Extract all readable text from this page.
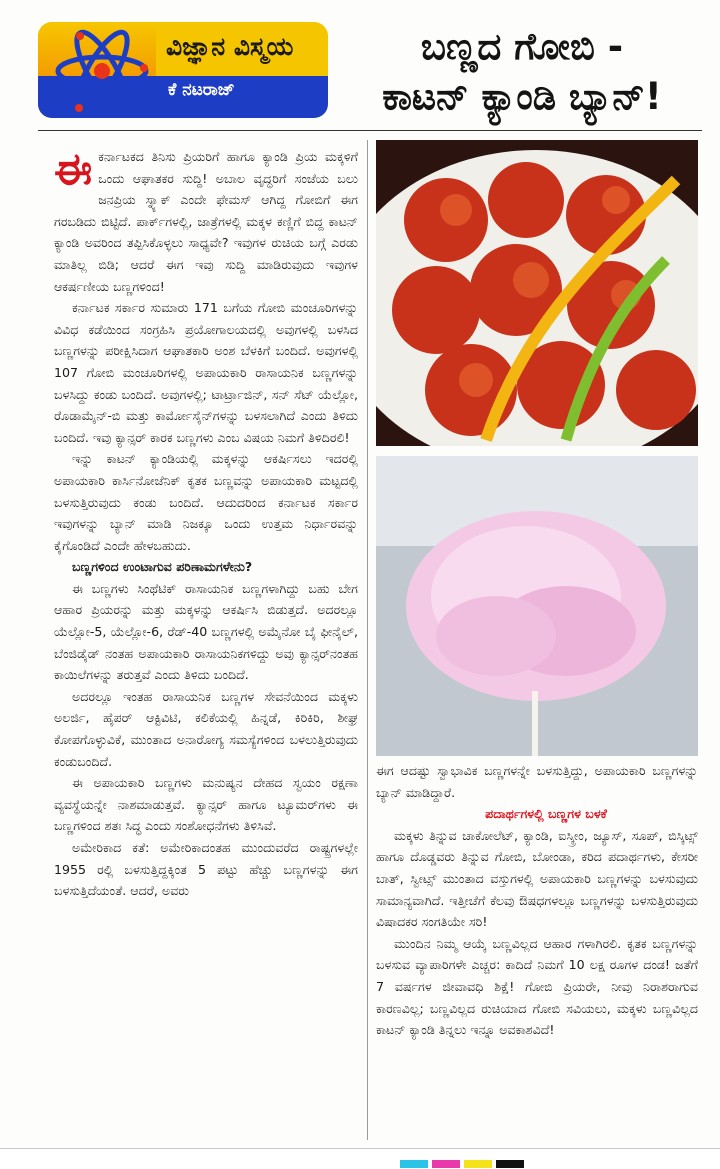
ವಿಜ್ಞಾನ ವಿಸ್ಮಯ
ಕೆ ನಟರಾಜ್
ಬಣ್ಣದ ಗೋಬಿ -
ಕಾಟನ್ ಕ್ಯಾಂಡಿ ಬ್ಯಾನ್!

ಈಕರ್ನಾಟಕದ ತಿನಿಸು ಪ್ರಿಯರಿಗೆ ಹಾಗೂ ಕ್ಯಾಂಡಿ ಪ್ರಿಯ ಮಕ್ಕಳಿಗೆ ಒಂದು ಆಘಾತಕರ ಸುದ್ದಿ! ಅಬಾಲ ವೃದ್ಧರಿಗೆ ಸಂಜೆಯ ಬಲು ಜನಪ್ರಿಯ ಸ್ನ್ಯಾಕ್ ಎಂದೇ ಫೇಮಸ್ ಆಗಿದ್ದ ಗೋಬಿಗೆ ಈಗ ಗರಬಡಿದು ಬಿಟ್ಟಿದೆ. ಪಾರ್ಕ್‌ಗಳಲ್ಲಿ, ಜಾತ್ರೆಗಳಲ್ಲಿ ಮಕ್ಕಳ ಕಣ್ಣಿಗೆ ಬಿದ್ದ ಕಾಟನ್ ಕ್ಯಾಂಡಿ ಅವರಿಂದ ತಪ್ಪಿಸಿಕೊಳ್ಳಲು ಸಾಧ್ಯವೇ? ಇವುಗಳ ರುಚಿಯ ಬಗ್ಗೆ ಎರಡು ಮಾತಿಲ್ಲ ಬಿಡಿ; ಆದರೆ ಈಗ ಇವು ಸುದ್ದಿ ಮಾಡಿರುವುದು ಇವುಗಳ ಆಕರ್ಷಣೀಯ ಬಣ್ಣಗಳಿಂದ!

ಕರ್ನಾಟಕ ಸರ್ಕಾರ ಸುಮಾರು 171 ಬಗೆಯ ಗೋಬಿ ಮಂಚೂರಿಗಳನ್ನು ವಿವಿಧ ಕಡೆಯಿಂದ ಸಂಗ್ರಹಿಸಿ ಪ್ರಯೋಗಾಲಯದಲ್ಲಿ ಅವುಗಳಲ್ಲಿ ಬಳಸಿದ ಬಣ್ಣಗಳನ್ನು ಪರೀಕ್ಷಿಸಿದಾಗ ಆಘಾತಕಾರಿ ಅಂಶ ಬೆಳಕಿಗೆ ಬಂದಿದೆ. ಅವುಗಳಲ್ಲಿ 107 ಗೋಬಿ ಮಂಚೂರಿಗಳಲ್ಲಿ ಅಪಾಯಕಾರಿ ರಾಸಾಯನಿಕ ಬಣ್ಣಗಳನ್ನು ಬಳಸಿದ್ದು ಕಂಡು ಬಂದಿದೆ. ಅವುಗಳಲ್ಲಿ; ಟಾರ್ಟ್ರಾಜಿನ್, ಸನ್ ಸೆಟ್ ಯೆಲ್ಲೋ, ರೊಡಾಮೈನ್-ಬಿ ಮತ್ತು ಕಾರ್ಮೋಸೈನ್‌ಗಳನ್ನು ಬಳಸಲಾಗಿದೆ ಎಂದು ತಿಳಿದು ಬಂದಿದೆ. ಇವು ಕ್ಯಾನ್ಸರ್ ಕಾರಕ ಬಣ್ಣಗಳು ಎಂಬ ವಿಷಯ ನಿಮಗೆ ತಿಳಿದಿರಲಿ!

ಇನ್ನು ಕಾಟನ್ ಕ್ಯಾಂಡಿಯಲ್ಲಿ ಮಕ್ಕಳನ್ನು ಆಕರ್ಷಿಸಲು ಇದರಲ್ಲಿ ಅಪಾಯಕಾರಿ ಕಾರ್ಸಿನೋಜೆನಿಕ್ ಕೃತಕ ಬಣ್ಣವನ್ನು ಅಪಾಯಕಾರಿ ಮಟ್ಟದಲ್ಲಿ ಬಳಸುತ್ತಿರುವುದು ಕಂಡು ಬಂದಿದೆ. ಆದುದರಿಂದ ಕರ್ನಾಟಕ ಸರ್ಕಾರ ಇವುಗಳನ್ನು ಬ್ಯಾನ್ ಮಾಡಿ ನಿಜಕ್ಕೂ ಒಂದು ಉತ್ತಮ ನಿರ್ಧಾರವನ್ನು ಕೈಗೊಂಡಿದೆ ಎಂದೇ ಹೇಳಬಹುದು.

ಬಣ್ಣಗಳಿಂದ ಉಂಟಾಗುವ ಪರಿಣಾಮಗಳೇನು?

ಈ ಬಣ್ಣಗಳು ಸಿಂಥೆಟಿಕ್ ರಾಸಾಯನಿಕ ಬಣ್ಣಗಳಾಗಿದ್ದು ಬಹು ಬೇಗ ಆಹಾರ ಪ್ರಿಯರನ್ನು ಮತ್ತು ಮಕ್ಕಳನ್ನು ಆಕರ್ಷಿಸಿ ಬಿಡುತ್ತದೆ. ಅದರಲ್ಲೂ ಯೆಲ್ಲೋ-5, ಯೆಲ್ಲೋ-6, ರೆಡ್-40 ಬಣ್ಣಗಳಲ್ಲಿ ಅಮೈನೋ ಬೈ ಫೀನೈಲ್, ಬೆಂಜಿಡೈಡ್ ನಂತಹ ಅಪಾಯಕಾರಿ ರಾಸಾಯನಿಕಗಳಿದ್ದು ಅವು ಕ್ಯಾನ್ಸರ್‌ನಂತಹ ಕಾಯಿಲೆಗಳನ್ನು ತರುತ್ತವೆ ಎಂದು ತಿಳಿದು ಬಂದಿದೆ.

ಅದರಲ್ಲೂ ಇಂತಹ ರಾಸಾಯನಿಕ ಬಣ್ಣಗಳ ಸೇವನೆಯಿಂದ ಮಕ್ಕಳು ಅಲರ್ಜಿ, ಹೈಪರ್ ಆಕ್ಟಿವಿಟಿ, ಕಲಿಕೆಯಲ್ಲಿ ಹಿನ್ನಡೆ, ಕಿರಿಕಿರಿ, ಶೀಘ್ರ ಕೋಪಗೊಳ್ಳುವಿಕೆ, ಮುಂತಾದ ಅನಾರೋಗ್ಯ ಸಮಸ್ಯೆಗಳಿಂದ ಬಳಲುತ್ತಿರುವುದು ಕಂಡುಬಂದಿದೆ.

ಈ ಅಪಾಯಕಾರಿ ಬಣ್ಣಗಳು ಮನುಷ್ಯನ ದೇಹದ ಸ್ವಯಂ ರಕ್ಷಣಾ ವ್ಯವಸ್ಥೆಯನ್ನೇ ನಾಶಮಾಡುತ್ತವೆ. ಕ್ಯಾನ್ಸರ್ ಹಾಗೂ ಟ್ಯೂಮರ್‌ಗಳು ಈ ಬಣ್ಣಗಳಿಂದ ಶತಃ ಸಿದ್ಧ ಎಂದು ಸಂಶೋಧನೆಗಳು ತಿಳಿಸಿವೆ.

ಅಮೇರಿಕಾದ ಕತೆ: ಅಮೇರಿಕಾದಂತಹ ಮುಂದುವರೆದ ರಾಷ್ಟ್ರಗಳಲ್ಲೇ 1955 ರಲ್ಲಿ ಬಳಸುತ್ತಿದ್ದಕ್ಕಿಂತ 5 ಪಟ್ಟು ಹೆಚ್ಚು ಬಣ್ಣಗಳನ್ನು ಈಗ ಬಳಸುತ್ತಿದೆಯಂತೆ. ಆದರೆ, ಅವರು

ಈಗ ಆದಷ್ಟು ಸ್ವಾಭಾವಿಕ ಬಣ್ಣಗಳನ್ನೇ ಬಳಸುತ್ತಿದ್ದು, ಅಪಾಯಕಾರಿ ಬಣ್ಣಗಳನ್ನು ಬ್ಯಾನ್ ಮಾಡಿದ್ದಾರೆ.

ಪದಾರ್ಥಗಳಲ್ಲಿ ಬಣ್ಣಗಳ ಬಳಕೆ

ಮಕ್ಕಳು ತಿನ್ನುವ ಚಾಕೋಲೆಟ್, ಕ್ಯಾಂಡಿ, ಐಸ್ಕ್ರೀಂ, ಜ್ಯೂಸ್, ಸೂಪ್, ಬಿಸ್ಕಿಟ್ಸ್ ಹಾಗೂ ದೊಡ್ಡವರು ತಿನ್ನುವ ಗೋಬಿ, ಬೋಂಡಾ, ಕರಿದ ಪದಾರ್ಥಗಳು, ಕೇಸರೀ ಬಾತ್, ಸ್ವೀಟ್ಸ್ ಮುಂತಾದ ವಸ್ತುಗಳಲ್ಲಿ ಅಪಾಯಕಾರಿ ಬಣ್ಣಗಳನ್ನು ಬಳಸುವುದು ಸಾಮಾನ್ಯವಾಗಿದೆ. ಇತ್ತೀಚೆಗೆ ಕೆಲವು ಔಷಧಗಳಲ್ಲೂ ಬಣ್ಣಗಳನ್ನು ಬಳಸುತ್ತಿರುವುದು ವಿಷಾದಕರ ಸಂಗತಿಯೇ ಸರಿ!

ಮುಂದಿನ ನಿಮ್ಮ ಆಯ್ಕೆ ಬಣ್ಣವಿಲ್ಲದ ಆಹಾರ ಗಳಾಗಿರಲಿ. ಕೃತಕ ಬಣ್ಣಗಳನ್ನು ಬಳಸುವ ವ್ಯಾಪಾರಿಗಳೇ ಎಚ್ಚರ: ಕಾದಿದೆ ನಿಮಗೆ 10 ಲಕ್ಷ ರೂಗಳ ದಂಡ! ಜತೆಗೆ 7 ವರ್ಷಗಳ ಜೀವಾವಧಿ ಶಿಕ್ಷೆ! ಗೋಬಿ ಪ್ರಿಯರೇ, ನೀವು ನಿರಾಶರಾಗುವ ಕಾರಣವಿಲ್ಲ; ಬಣ್ಣವಿಲ್ಲದ ರುಚಿಯಾದ ಗೋಬಿ ಸವಿಯಲು, ಮಕ್ಕಳು ಬಣ್ಣವಿಲ್ಲದ ಕಾಟನ್ ಕ್ಯಾಂಡಿ ತಿನ್ನಲು ಇನ್ನೂ ಅವಕಾಶವಿದೆ!
